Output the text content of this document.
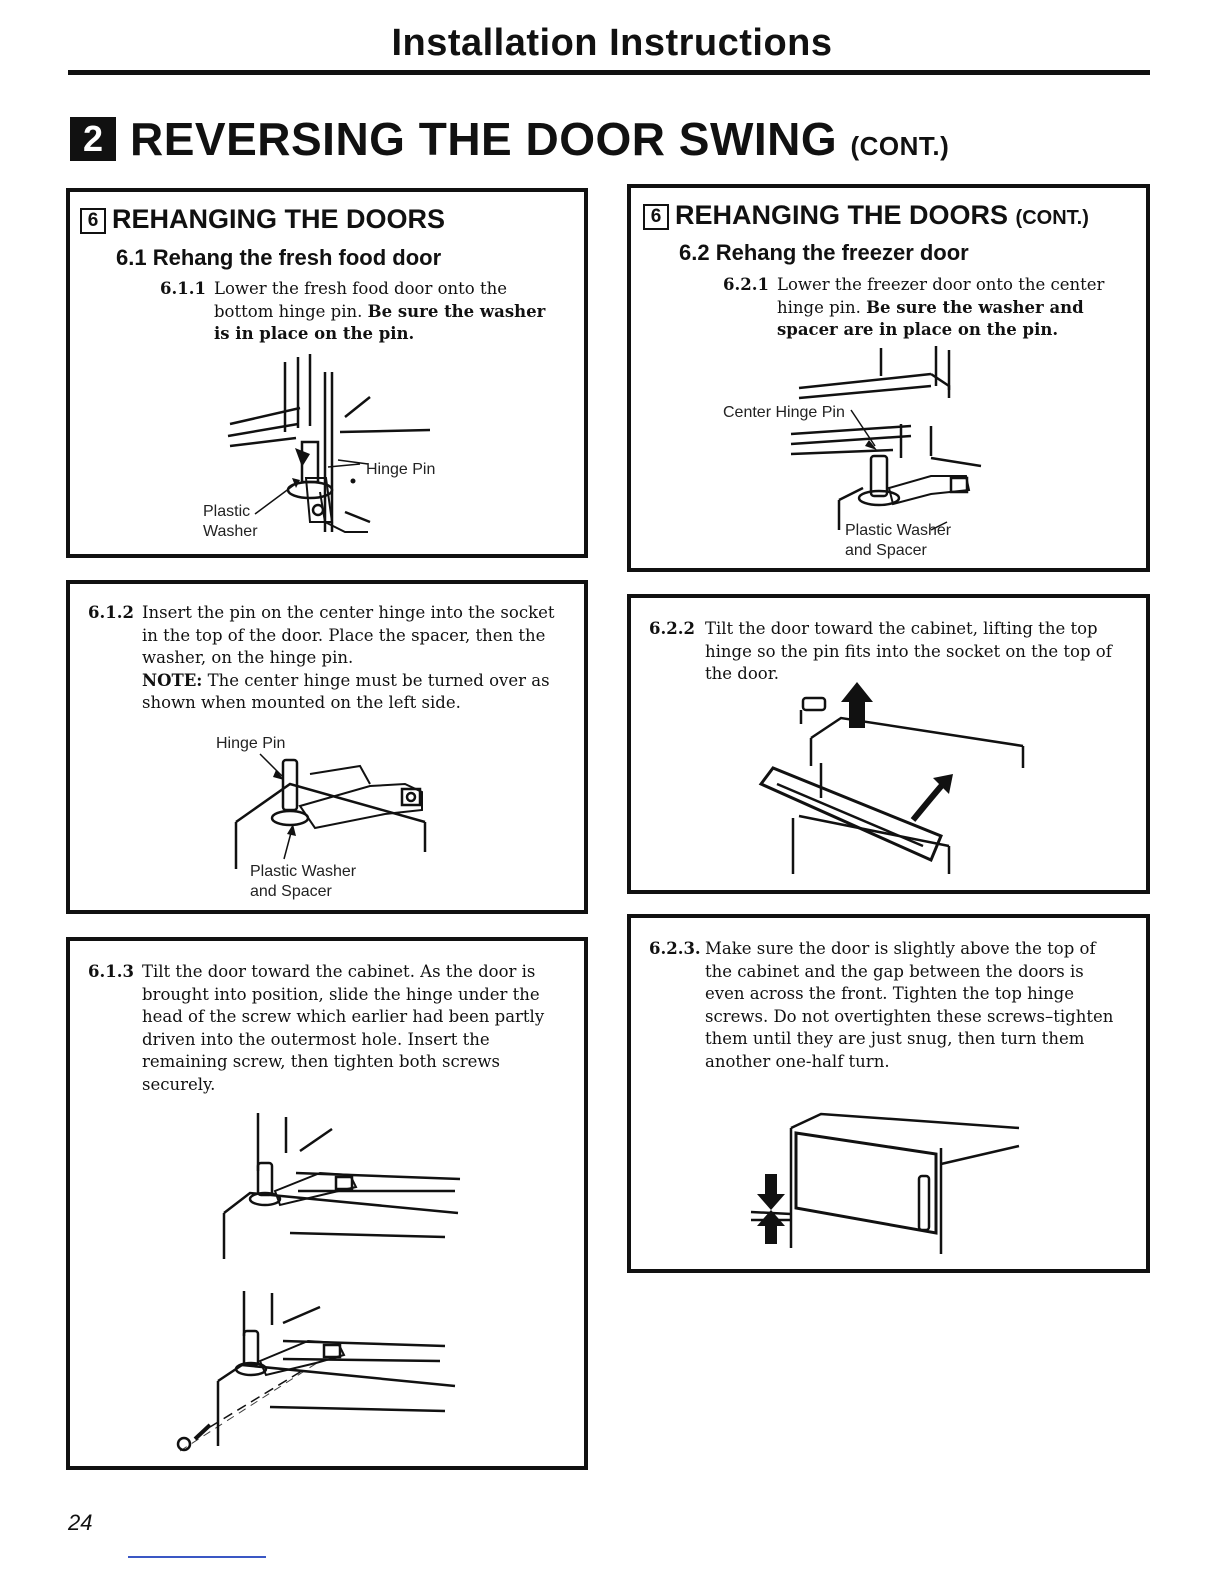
Installation Instructions
2 REVERSING THE DOOR SWING (CONT.)
6 REHANGING THE DOORS
6.1 Rehang the fresh food door
6.1.1 Lower the fresh food door onto the bottom hinge pin. Be sure the washer is in place on the pin.
Hinge Pin
Plastic
Washer
6.1.2 Insert the pin on the center hinge into the socket in the top of the door. Place the spacer, then the washer, on the hinge pin.
NOTE: The center hinge must be turned over as shown when mounted on the left side.
Hinge Pin
Plastic Washer
and Spacer
6.1.3 Tilt the door toward the cabinet. As the door is brought into position, slide the hinge under the head of the screw which earlier had been partly driven into the outermost hole. Insert the remaining screw, then tighten both screws securely.
6 REHANGING THE DOORS (CONT.)
6.2 Rehang the freezer door
6.2.1 Lower the freezer door onto the center hinge pin. Be sure the washer and spacer are in place on the pin.
Center Hinge Pin
Plastic Washer
and Spacer
6.2.2 Tilt the door toward the cabinet, lifting the top hinge so the pin fits into the socket on the top of the door.
6.2.3. Make sure the door is slightly above the top of the cabinet and the gap between the doors is even across the front. Tighten the top hinge screws. Do not overtighten these screws–tighten them until they are just snug, then turn them another one-half turn.
24
